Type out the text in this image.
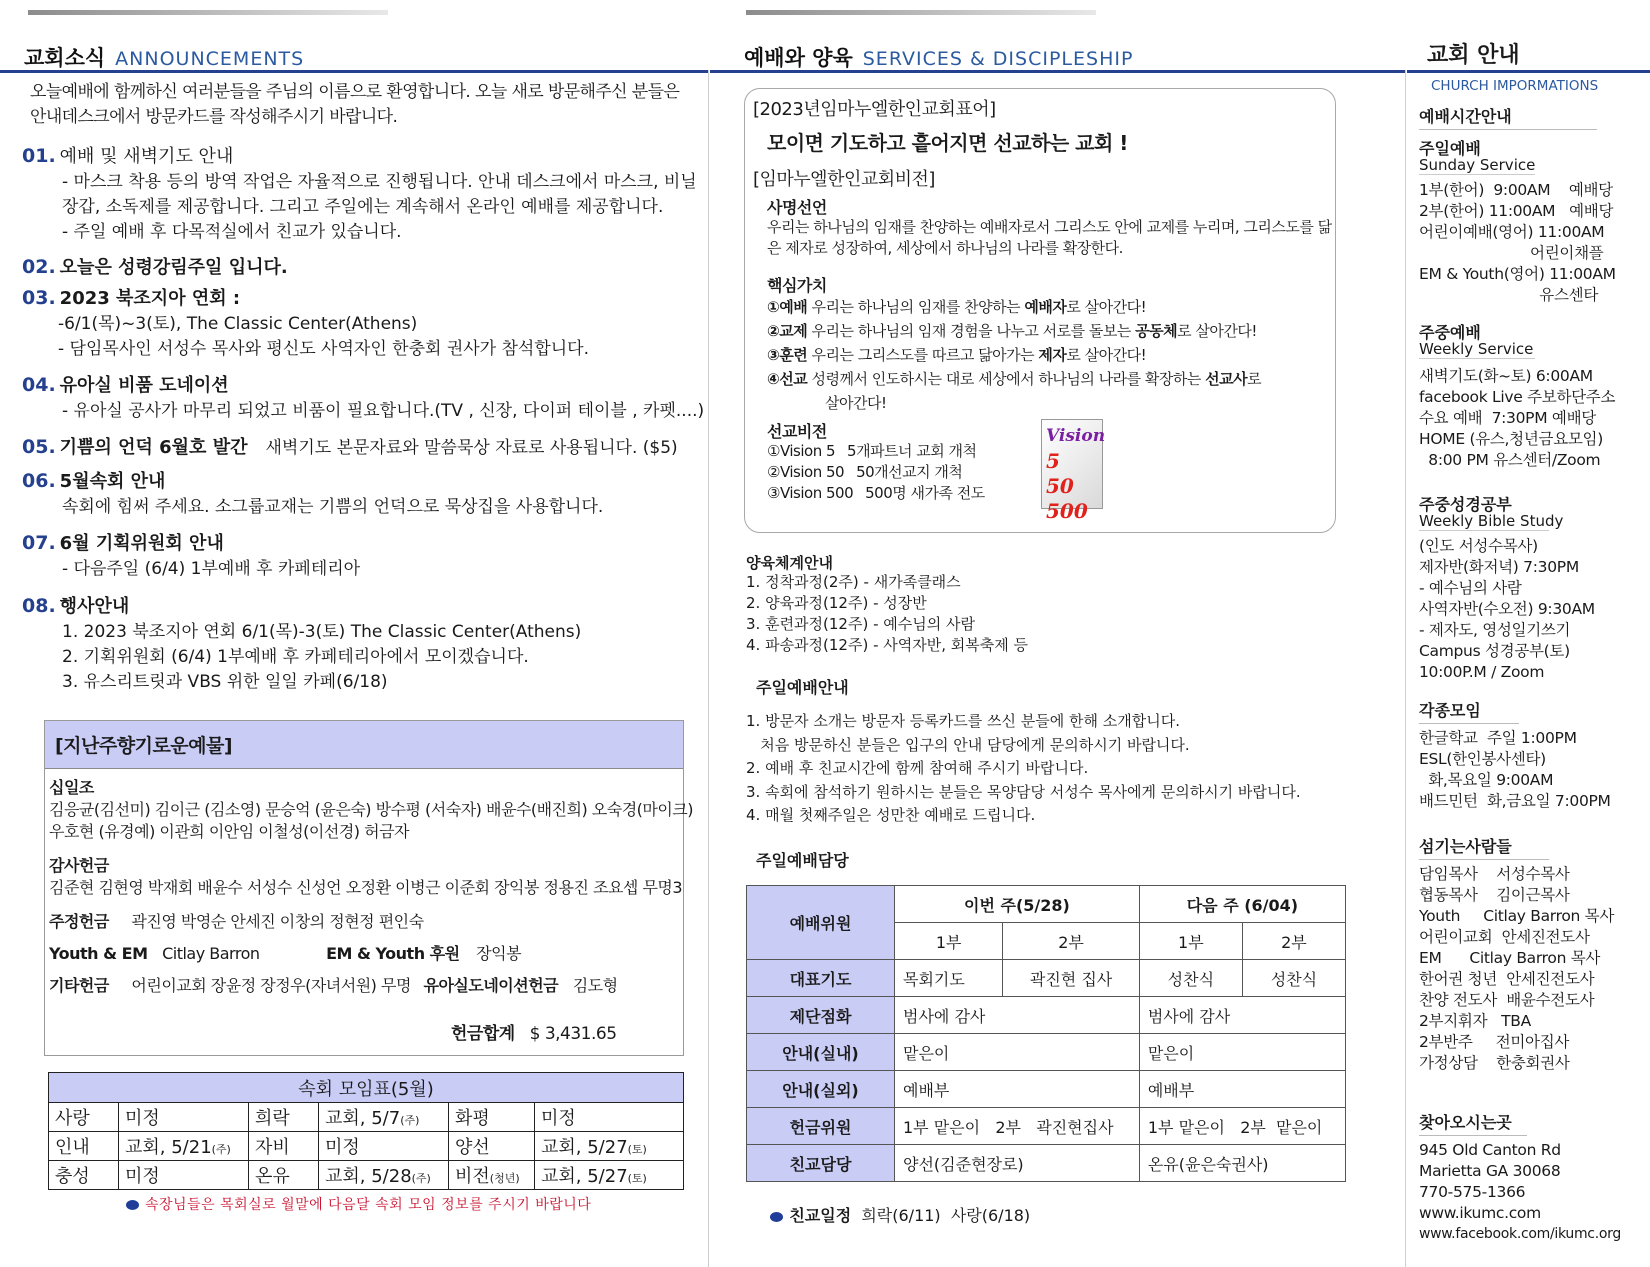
교회소식 ANNOUNCEMENTS
오늘예배에 함께하신 여러분들을 주님의 이름으로 환영합니다. 오늘 새로 방문해주신 분들은
안내데스크에서 방문카드를 작성해주시기 바랍니다.
01. 예배 및 새벽기도 안내
- 마스크 착용 등의 방역 작업은 자율적으로 진행됩니다. 안내 데스크에서 마스크, 비닐
장갑, 소독제를 제공합니다. 그리고 주일에는 계속해서 온라인 예배를 제공합니다.
- 주일 예배 후 다목적실에서 친교가 있습니다.
02. 오늘은 성령강림주일 입니다.
03. 2023 북조지아 연회 :
-6/1(목)~3(토), The Classic Center(Athens)
- 담임목사인 서성수 목사와 평신도 사역자인 한충회 권사가 참석합니다.
04. 유아실 비품 도네이션
- 유아실 공사가 마무리 되었고 비품이 필요합니다.(TV , 신장, 다이퍼 테이블 , 카펫....)
05. 기쁨의 언덕 6월호 발간 새벽기도 본문자료와 말씀묵상 자료로 사용됩니다. ($5)
06. 5월속회 안내
속회에 힘써 주세요. 소그룹교재는 기쁨의 언덕으로 묵상집을 사용합니다.
07. 6월 기획위원회 안내
- 다음주일 (6/4) 1부예배 후 카페테리아
08. 행사안내
1. 2023 북조지아 연회 6/1(목)-3(토) The Classic Center(Athens)
2. 기획위원회 (6/4) 1부예배 후 카페테리아에서 모이겠습니다.
3. 유스리트릿과 VBS 위한 일일 카페(6/18)
[지난주향기로운예물]
십일조
김응균(김선미) 김이근 (김소영) 문승억 (윤은숙) 방수평 (서숙자) 배윤수(배진희) 오숙경(마이크)
우호현 (유경예) 이관희 이안임 이철성(이선경) 허금자
감사헌금
김준현 김현영 박재회 배윤수 서성수 신성언 오정환 이병근 이준회 장익봉 정용진 조요셉 무명3
주정헌금 곽진영 박영순 안세진 이창의 정현정 편인숙
Youth & EM Citlay Barron	EM & Youth 후원 장익봉
기타헌금 어린이교회 장윤정 장정우(자녀서원) 무명 유아실도네이션헌금 김도형
헌금합계 $ 3,431.65
속회 모임표(5월)					
사랑	미정	희락	교회, 5/7(주)	화평	미정
인내	교회, 5/21(주)	자비	미정	양선	교회, 5/27(토)
충성	미정	온유	교회, 5/28(주)	비전(청년)	교회, 5/27(토)
속장님들은 목회실로 월말에 다음달 속회 모임 정보를 주시기 바랍니다
예배와 양육 SERVICES & DISCIPLESHIP
[2023년임마누엘한인교회표어]
모이면 기도하고 흩어지면 선교하는 교회 !
[임마누엘한인교회비전]
사명선언
우리는 하나님의 임재를 찬양하는 예배자로서 그리스도 안에 교제를 누리며, 그리스도를 닮
은 제자로 성장하여, 세상에서 하나님의 나라를 확장한다.
핵심가치
①예배 우리는 하나님의 임재를 찬양하는 예배자로 살아간다!
②교제 우리는 하나님의 임재 경험을 나누고 서로를 돌보는 공동체로 살아간다!
③훈련 우리는 그리스도를 따르고 닮아가는 제자로 살아간다!
④선교 성령께서 인도하시는 대로 세상에서 하나님의 나라를 확장하는 선교사로
살아간다!
선교비전
①Vision 5 5개파트너 교회 개척
②Vision 50 50개선교지 개척
③Vision 500 500명 새가족 전도
Vision
5
50
500
양육체계안내
1. 정착과정(2주) - 새가족클래스
2. 양육과정(12주) - 성장반
3. 훈련과정(12주) - 예수님의 사람
4. 파송과정(12주) - 사역자반, 회복축제 등
주일예배안내
1. 방문자 소개는 방문자 등록카드를 쓰신 분들에 한해 소개합니다.
처음 방문하신 분들은 입구의 안내 담당에게 문의하시기 바랍니다.
2. 예배 후 친교시간에 함께 참여해 주시기 바랍니다.
3. 속회에 참석하기 원하시는 분들은 목양담당 서성수 목사에게 문의하시기 바랍니다.
4. 매월 첫째주일은 성만찬 예배로 드립니다.
주일예배담당
예배위원	이번 주(5/28)		다음 주 (6/04)	
	1부	2부	1부	2부
대표기도	목회기도	곽진현 집사	성찬식	성찬식
제단점화	범사에 감사		범사에 감사	
안내(실내)	맡은이		맡은이	
안내(실외)	예배부		예배부	
헌금위원	1부 맡은이   2부   곽진현집사		1부 맡은이   2부  맡은이	
친교담당	양선(김준현장로)		온유(윤은숙권사)	

친교일정 희락(6/11)  사랑(6/18)

교회 안내
CHURCH IMPORMATIONS
예배시간안내
주일예배
Sunday Service
1부(한어)  9:00AM    예배당
2부(한어) 11:00AM   예배당
어린이예배(영어) 11:00AM
어린이채플
EM & Youth(영어) 11:00AM
유스센타
주중예배
Weekly Service
새벽기도(화~토) 6:00AM
facebook Live 주보하단주소
수요 예배  7:30PM 예배당
HOME (유스,청년금요모임)
8:00 PM 유스센터/Zoom
주중성경공부
Weekly Bible Study
(인도 서성수목사)
제자반(화저녁) 7:30PM
- 예수님의 사람
사역자반(수오전) 9:30AM
- 제자도, 영성일기쓰기
Campus 성경공부(토)
10:00P.M / Zoom
각종모임
한글학교  주일 1:00PM
ESL(한인봉사센타)
화,목요일 9:00AM
배드민턴  화,금요일 7:00PM
섬기는사람들
담임목사    서성수목사
협동목사    김이근목사
Youth     Citlay Barron 목사
어린이교회  안세진전도사
EM      Citlay Barron 목사
한어권 청년  안세진전도사
찬양 전도사  배윤수전도사
2부지휘자   TBA
2부반주     전미아집사
가정상담    한충회권사
찾아오시는곳
945 Old Canton Rd
Marietta GA 30068
770-575-1366
www.ikumc.com
www.facebook.com/ikumc.org
